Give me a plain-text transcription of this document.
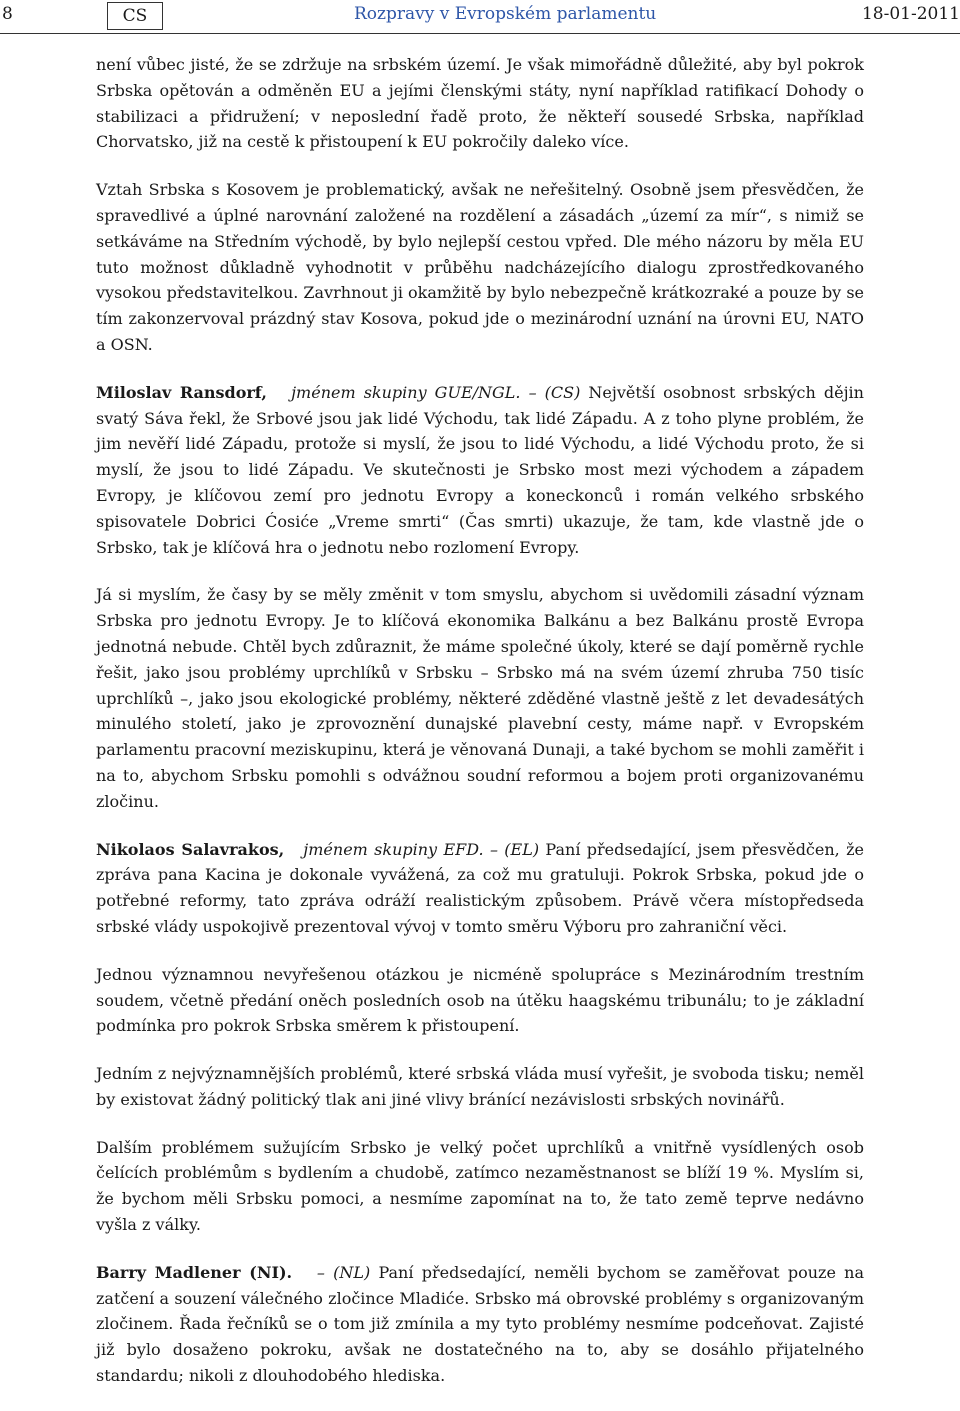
8	CS	Rozpravy v Evropském parlamentu	18-01-2011

není vůbec jisté, že se zdržuje na srbském území. Je však mimořádně důležité, aby byl pokrok Srbska opětován a odměněn EU a jejími členskými státy, nyní například ratifikací Dohody o stabilizaci a přidružení; v neposlední řadě proto, že někteří sousedé Srbska, například Chorvatsko, již na cestě k přistoupení k EU pokročily daleko více.

Vztah Srbska s Kosovem je problematický, avšak ne neřešitelný. Osobně jsem přesvědčen, že spravedlivé a úplné narovnání založené na rozdělení a zásadách „území za mír“, s nimiž se setkáváme na Středním východě, by bylo nejlepší cestou vpřed. Dle mého názoru by měla EU tuto možnost důkladně vyhodnotit v průběhu nadcházejícího dialogu zprostředkovaného vysokou představitelkou. Zavrhnout ji okamžitě by bylo nebezpečně krátkozraké a pouze by se tím zakonzervoval prázdný stav Kosova, pokud jde o mezinárodní uznání na úrovni EU, NATO a OSN.

Miloslav Ransdorf, jménem skupiny GUE/NGL. – (CS) Největší osobnost srbských dějin svatý Sáva řekl, že Srbové jsou jak lidé Východu, tak lidé Západu. A z toho plyne problém, že jim nevěří lidé Západu, protože si myslí, že jsou to lidé Východu, a lidé Východu proto, že si myslí, že jsou to lidé Západu. Ve skutečnosti je Srbsko most mezi východem a západem Evropy, je klíčovou zemí pro jednotu Evropy a koneckonců i román velkého srbského spisovatele Dobrici Ćosiće „Vreme smrti“ (Čas smrti) ukazuje, že tam, kde vlastně jde o Srbsko, tak je klíčová hra o jednotu nebo rozlomení Evropy.

Já si myslím, že časy by se měly změnit v tom smyslu, abychom si uvědomili zásadní význam Srbska pro jednotu Evropy. Je to klíčová ekonomika Balkánu a bez Balkánu prostě Evropa jednotná nebude. Chtěl bych zdůraznit, že máme společné úkoly, které se dají poměrně rychle řešit, jako jsou problémy uprchlíků v Srbsku – Srbsko má na svém území zhruba 750 tisíc uprchlíků –, jako jsou ekologické problémy, některé zděděné vlastně ještě z let devadesátých minulého století, jako je zprovoznění dunajské plavební cesty, máme např. v Evropském parlamentu pracovní meziskupinu, která je věnovaná Dunaji, a také bychom se mohli zaměřit i na to, abychom Srbsku pomohli s odvážnou soudní reformou a bojem proti organizovanému zločinu.

Nikolaos Salavrakos, jménem skupiny EFD. – (EL) Paní předsedající, jsem přesvědčen, že zpráva pana Kacina je dokonale vyvážená, za což mu gratuluji. Pokrok Srbska, pokud jde o potřebné reformy, tato zpráva odráží realistickým způsobem. Právě včera místopředseda srbské vlády uspokojivě prezentoval vývoj v tomto směru Výboru pro zahraniční věci.

Jednou významnou nevyřešenou otázkou je nicméně spolupráce s Mezinárodním trestním soudem, včetně předání oněch posledních osob na útěku haagskému tribunálu; to je základní podmínka pro pokrok Srbska směrem k přistoupení.

Jedním z nejvýznamnějších problémů, které srbská vláda musí vyřešit, je svoboda tisku; neměl by existovat žádný politický tlak ani jiné vlivy bránící nezávislosti srbských novinářů.

Dalším problémem sužujícím Srbsko je velký počet uprchlíků a vnitřně vysídlených osob čelících problémům s bydlením a chudobě, zatímco nezaměstnanost se blíží 19 %. Myslím si, že bychom měli Srbsku pomoci, a nesmíme zapomínat na to, že tato země teprve nedávno vyšla z války.

Barry Madlener (NI). – (NL) Paní předsedající, neměli bychom se zaměřovat pouze na zatčení a souzení válečného zločince Mladiće. Srbsko má obrovské problémy s organizovaným zločinem. Řada řečníků se o tom již zmínila a my tyto problémy nesmíme podceňovat. Zajisté již bylo dosaženo pokroku, avšak ne dostatečného na to, aby se dosáhlo přijatelného standardu; nikoli z dlouhodobého hlediska.
